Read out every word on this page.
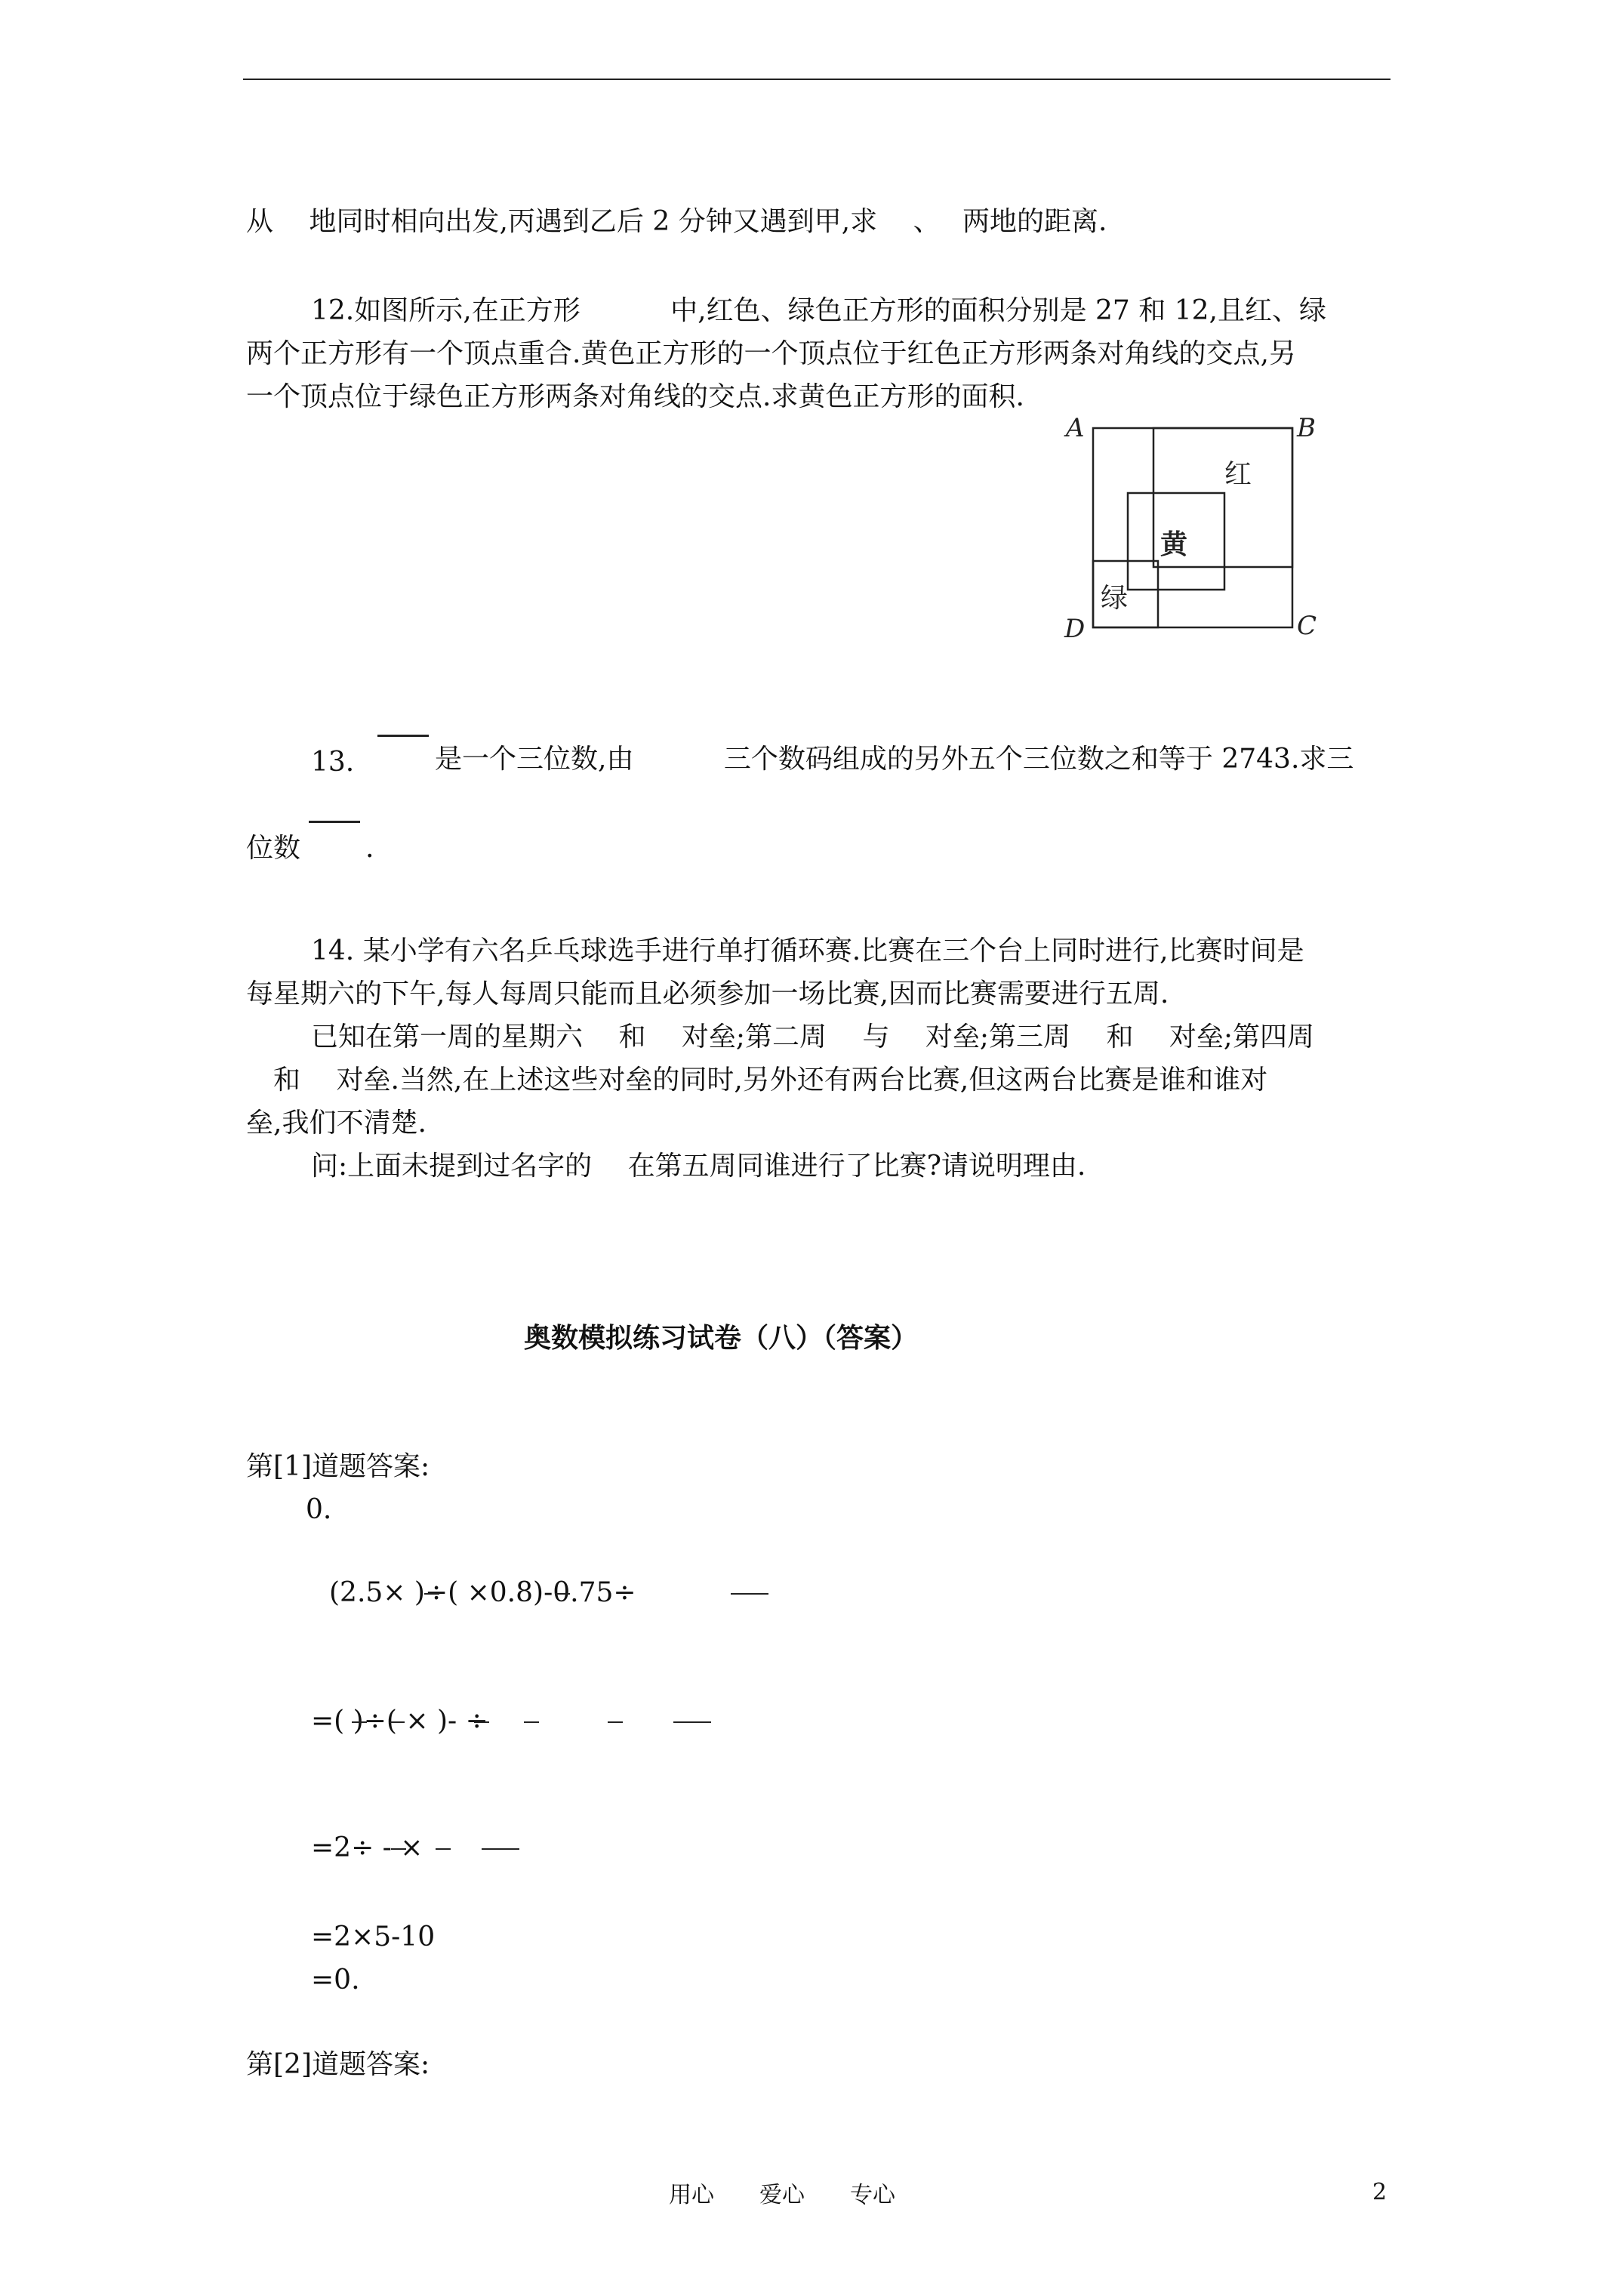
从　 地同时相向出发,丙遇到乙后 2 分钟又遇到甲,求　 、　 两地的距离.
12.如图所示,在正方形　　　 中,红色、绿色正方形的面积分别是 27 和 12,且红、绿
两个正方形有一个顶点重合.黄色正方形的一个顶点位于红色正方形两条对角线的交点,另
一个顶点位于绿色正方形两条对角线的交点.求黄色正方形的面积.
A	B
C
D
红
黄
绿
13.	是一个三位数,由　　　 三个数码组成的另外五个三位数之和等于 2743.求三
位数 .
14. 某小学有六名乒乓球选手进行单打循环赛.比赛在三个台上同时进行,比赛时间是
每星期六的下午,每人每周只能而且必须参加一场比赛,因而比赛需要进行五周.
已知在第一周的星期六　 和　 对垒;第二周　 与　 对垒;第三周　 和　 对垒;第四周
　和　 对垒.当然,在上述这些对垒的同时,另外还有两台比赛,但这两台比赛是谁和谁对
垒,我们不清楚.
问:上面未提到过名字的　 在第五周同谁进行了比赛?请说明理由.
奥数模拟练习试卷（八）（答案）
第[1]道题答案:
0.
(2.5× )÷( ×0.8)-0.75÷
=( )÷( × )- ÷
=2÷ - ×
=2×5-10
=0.
第[2]道题答案:
用心　　爱心　　专心	2
